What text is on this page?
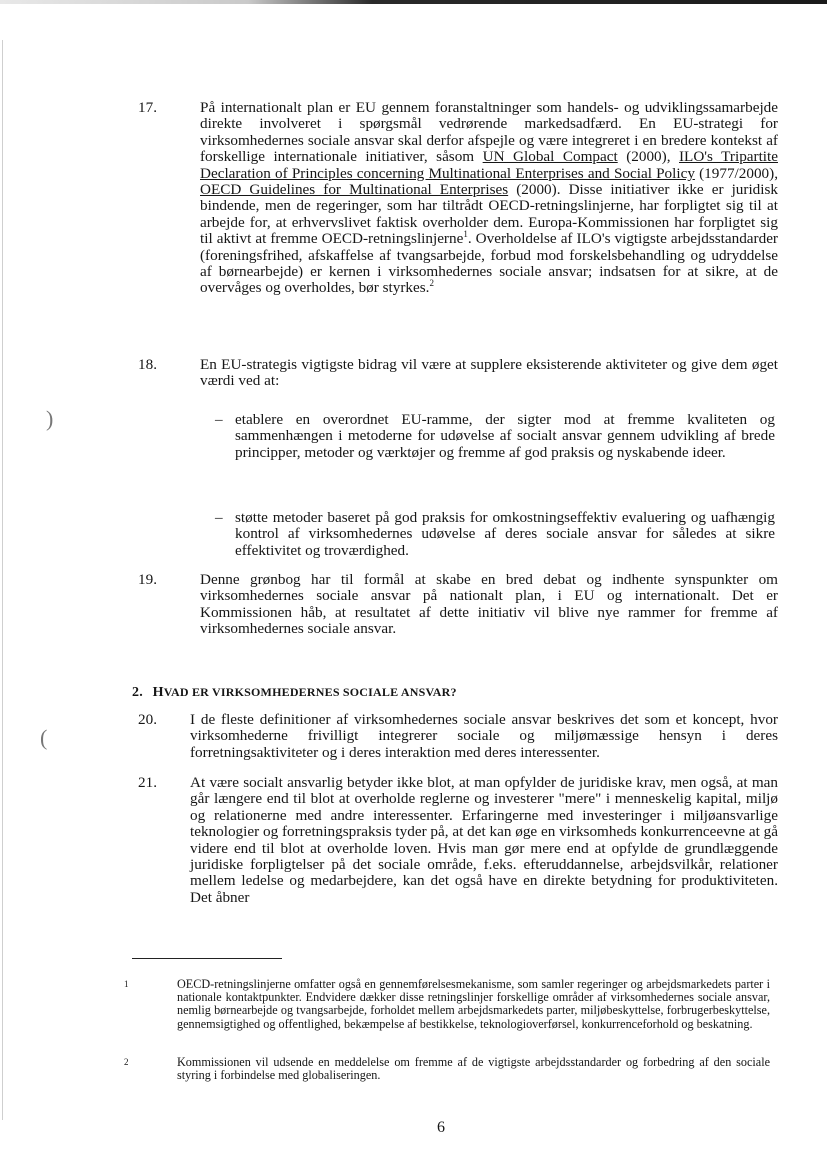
)
(
17.	På internationalt plan er EU gennem foranstaltninger som handels- og udviklingssamarbejde direkte involveret i spørgsmål vedrørende markedsadfærd. En EU-strategi for virksomhedernes sociale ansvar skal derfor afspejle og være integreret i en bredere kontekst af forskellige internationale initiativer, såsom UN Global Compact (2000), ILO's Tripartite Declaration of Principles concerning Multinational Enterprises and Social Policy (1977/2000), OECD Guidelines for Multinational Enterprises (2000). Disse initiativer ikke er juridisk bindende, men de regeringer, som har tiltrådt OECD-retningslinjerne, har forpligtet sig til at arbejde for, at erhvervslivet faktisk overholder dem. Europa-Kommissionen har forpligtet sig til aktivt at fremme OECD-retningslinjerne$^1$. Overholdelse af ILO's vigtigste arbejdsstandarder (foreningsfrihed, afskaffelse af tvangsarbejde, forbud mod forskelsbehandling og udryddelse af børnearbejde) er kernen i virksomhedernes sociale ansvar; indsatsen for at sikre, at de overvåges og overholdes, bør styrkes.$^2$
18.	En EU-strategis vigtigste bidrag vil være at supplere eksisterende aktiviteter og give dem øget værdi ved at:
– etablere en overordnet EU-ramme, der sigter mod at fremme kvaliteten og sammenhængen i metoderne for udøvelse af socialt ansvar gennem udvikling af brede principper, metoder og værktøjer og fremme af god praksis og nyskabende ideer.
– støtte metoder baseret på god praksis for omkostningseffektiv evaluering og uafhængig kontrol af virksomhedernes udøvelse af deres sociale ansvar for således at sikre effektivitet og troværdighed.
19.	Denne grønbog har til formål at skabe en bred debat og indhente synspunkter om virksomhedernes sociale ansvar på nationalt plan, i EU og internationalt. Det er Kommissionen håb, at resultatet af dette initiativ vil blive nye rammer for fremme af virksomhedernes sociale ansvar.
2. HVAD ER VIRKSOMHEDERNES SOCIALE ANSVAR?
20.	I de fleste definitioner af virksomhedernes sociale ansvar beskrives det som et koncept, hvor virksomhederne frivilligt integrerer sociale og miljømæssige hensyn i deres forretningsaktiviteter og i deres interaktion med deres interessenter.
21.	At være socialt ansvarlig betyder ikke blot, at man opfylder de juridiske krav, men også, at man går længere end til blot at overholde reglerne og investerer "mere" i menneskelig kapital, miljø og relationerne med andre interessenter. Erfaringerne med investeringer i miljøansvarlige teknologier og forretningspraksis tyder på, at det kan øge en virksomheds konkurrenceevne at gå videre end til blot at overholde loven. Hvis man gør mere end at opfylde de grundlæggende juridiske forpligtelser på det sociale område, f.eks. efteruddannelse, arbejdsvilkår, relationer mellem ledelse og medarbejdere, kan det også have en direkte betydning for produktiviteten. Det åbner
1	OECD-retningslinjerne omfatter også en gennemførelsesmekanisme, som samler regeringer og arbejdsmarkedets parter i nationale kontaktpunkter. Endvidere dækker disse retningslinjer forskellige områder af virksomhedernes sociale ansvar, nemlig børnearbejde og tvangsarbejde, forholdet mellem arbejdsmarkedets parter, miljøbeskyttelse, forbrugerbeskyttelse, gennemsigtighed og offentlighed, bekæmpelse af bestikkelse, teknologioverførsel, konkurrenceforhold og beskatning.
2	Kommissionen vil udsende en meddelelse om fremme af de vigtigste arbejdsstandarder og forbedring af den sociale styring i forbindelse med globaliseringen.
6
